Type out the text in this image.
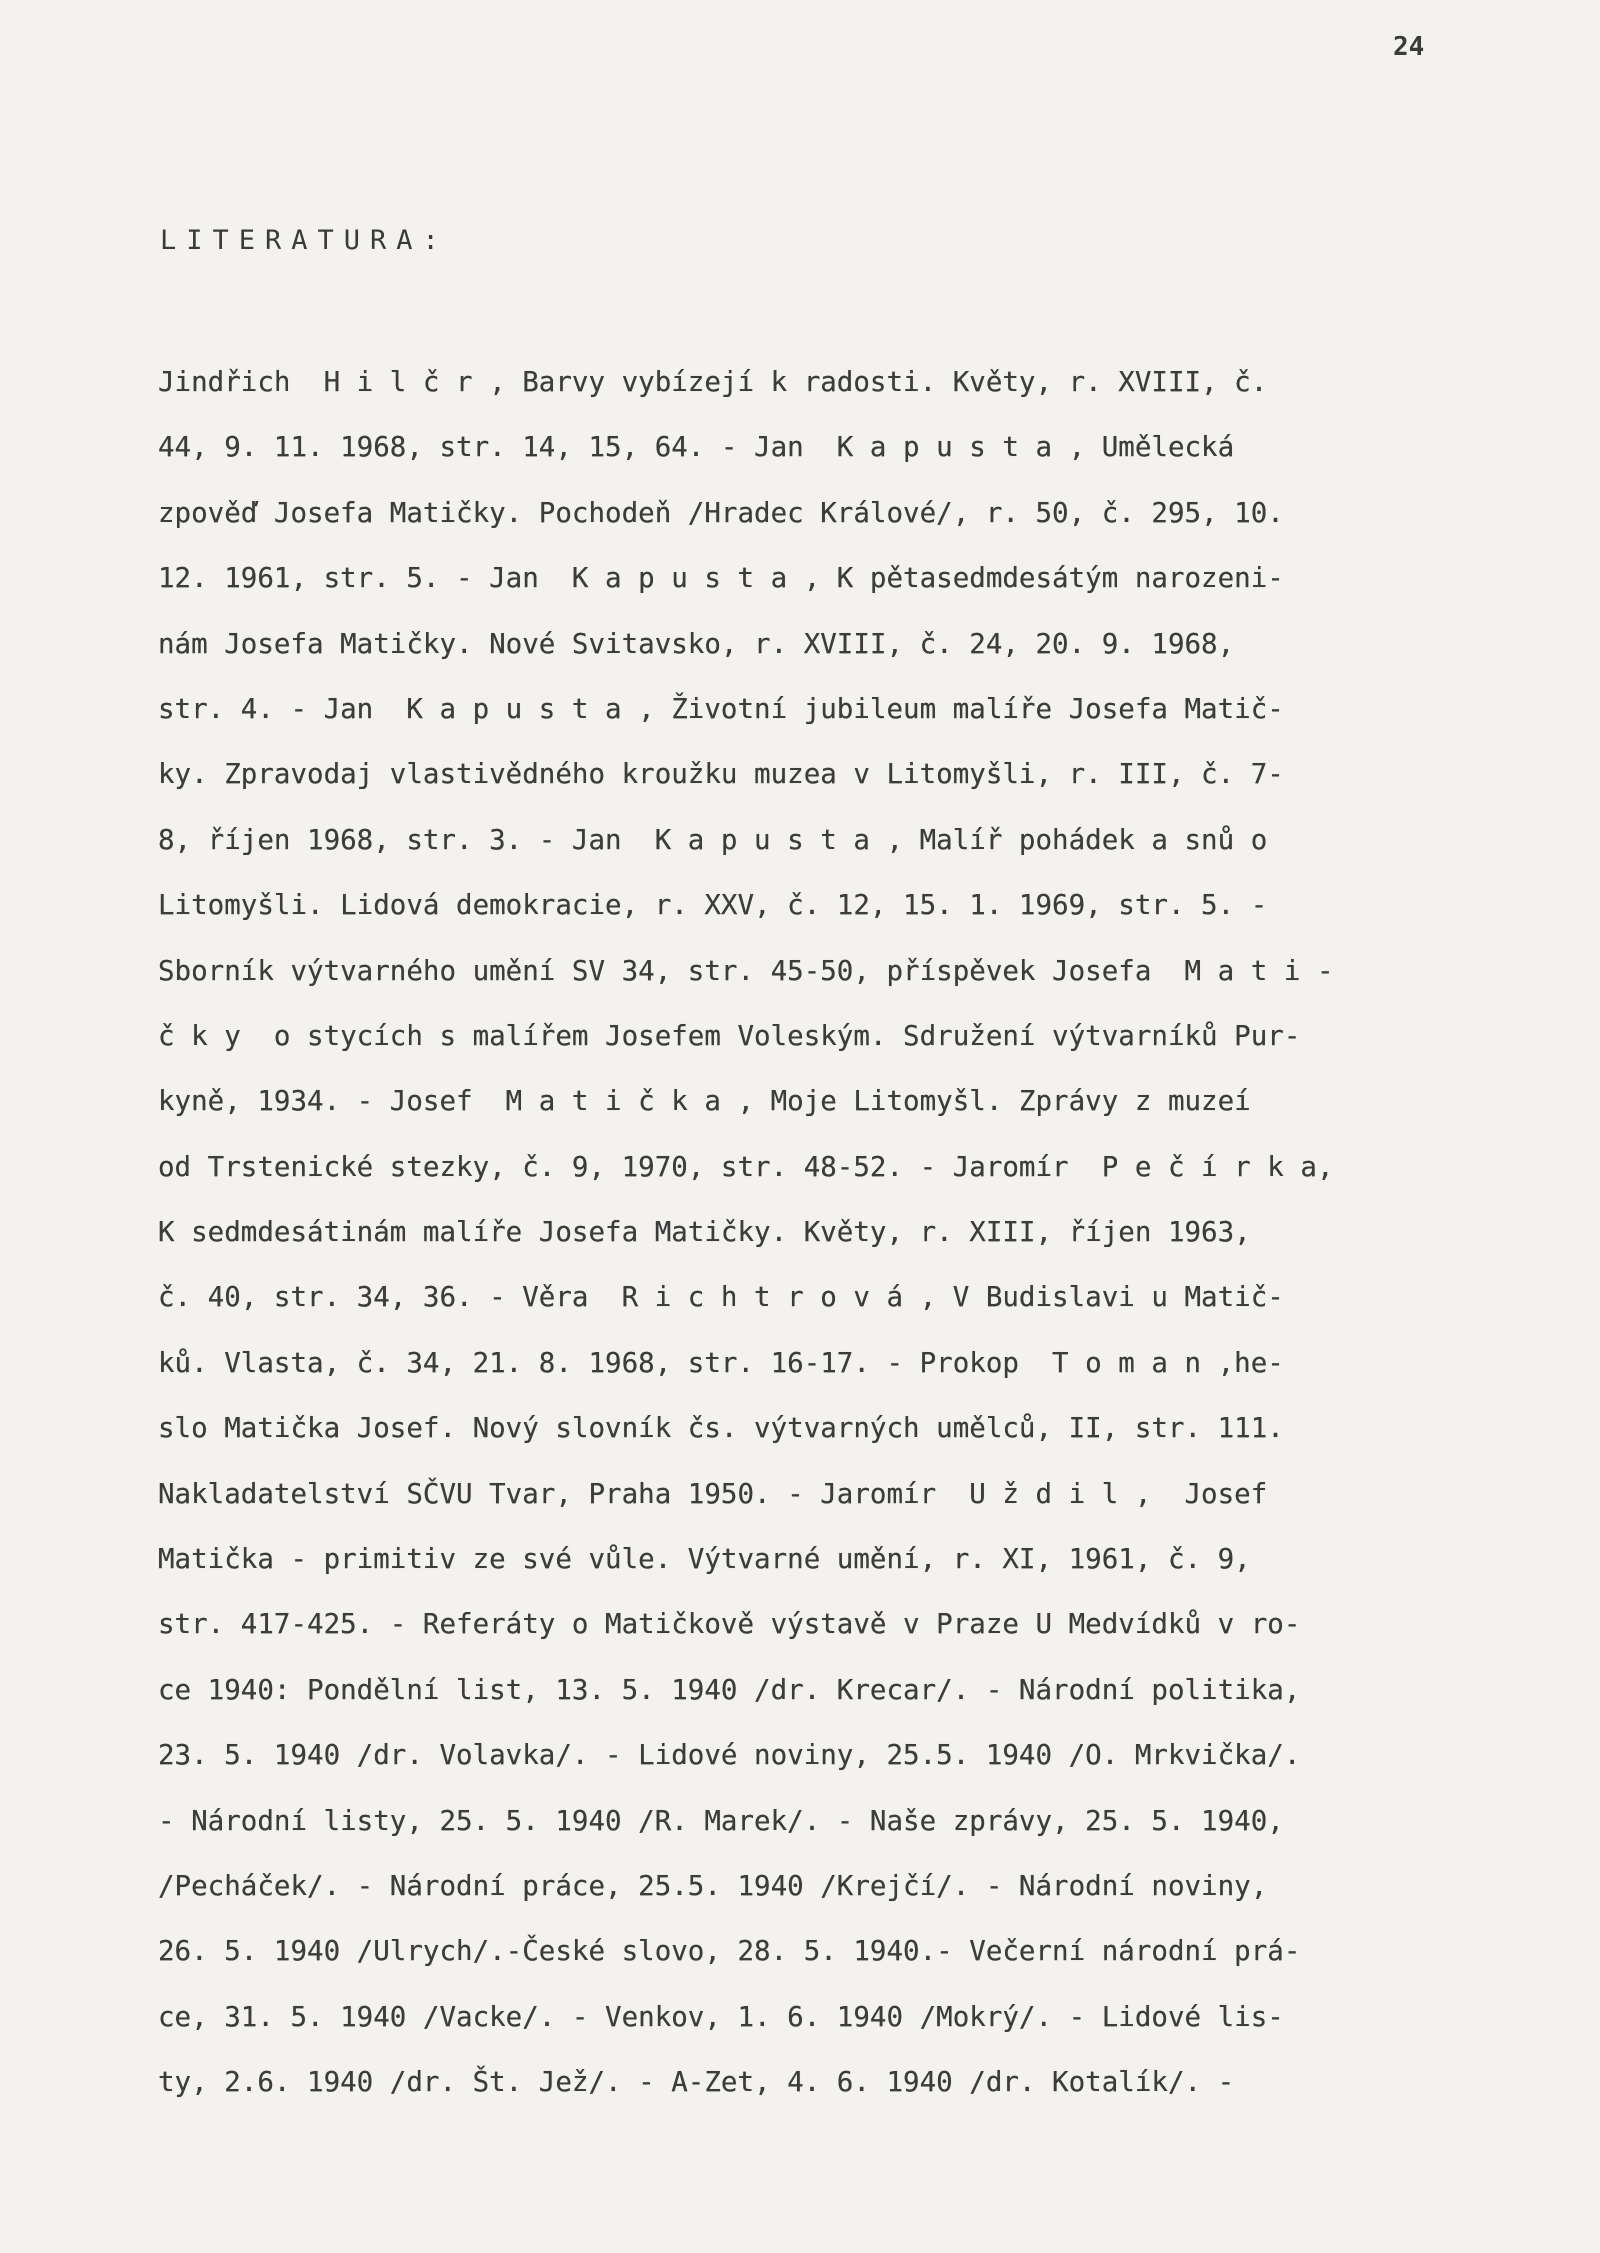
24
LITERATURA:
Jindřich  H i l č r , Barvy vybízejí k radosti. Květy, r. XVIII, č.
44, 9. 11. 1968, str. 14, 15, 64. - Jan  K a p u s t a , Umělecká
zpověď Josefa Matičky. Pochodeň /Hradec Králové/, r. 50, č. 295, 10.
12. 1961, str. 5. - Jan  K a p u s t a , K pětasedmdesátým narozeni-
nám Josefa Matičky. Nové Svitavsko, r. XVIII, č. 24, 20. 9. 1968,
str. 4. - Jan  K a p u s t a , Životní jubileum malíře Josefa Matič-
ky. Zpravodaj vlastivědného kroužku muzea v Litomyšli, r. III, č. 7-
8, říjen 1968, str. 3. - Jan  K a p u s t a , Malíř pohádek a snů o
Litomyšli. Lidová demokracie, r. XXV, č. 12, 15. 1. 1969, str. 5. -
Sborník výtvarného umění SV 34, str. 45-50, příspěvek Josefa  M a t i -
č k y  o stycích s malířem Josefem Voleským. Sdružení výtvarníků Pur-
kyně, 1934. - Josef  M a t i č k a , Moje Litomyšl. Zprávy z muzeí
od Trstenické stezky, č. 9, 1970, str. 48-52. - Jaromír  P e č í r k a,
K sedmdesátinám malíře Josefa Matičky. Květy, r. XIII, říjen 1963,
č. 40, str. 34, 36. - Věra  R i c h t r o v á , V Budislavi u Matič-
ků. Vlasta, č. 34, 21. 8. 1968, str. 16-17. - Prokop  T o m a n ,he-
slo Matička Josef. Nový slovník čs. výtvarných umělců, II, str. 111.
Nakladatelství SČVU Tvar, Praha 1950. - Jaromír  U ž d i l ,  Josef
Matička - primitiv ze své vůle. Výtvarné umění, r. XI, 1961, č. 9,
str. 417-425. - Referáty o Matičkově výstavě v Praze U Medvídků v ro-
ce 1940: Pondělní list, 13. 5. 1940 /dr. Krecar/. - Národní politika,
23. 5. 1940 /dr. Volavka/. - Lidové noviny, 25.5. 1940 /O. Mrkvička/.
- Národní listy, 25. 5. 1940 /R. Marek/. - Naše zprávy, 25. 5. 1940,
/Pecháček/. - Národní práce, 25.5. 1940 /Krejčí/. - Národní noviny,
26. 5. 1940 /Ulrych/.-České slovo, 28. 5. 1940.- Večerní národní prá-
ce, 31. 5. 1940 /Vacke/. - Venkov, 1. 6. 1940 /Mokrý/. - Lidové lis-
ty, 2.6. 1940 /dr. Št. Jež/. - A-Zet, 4. 6. 1940 /dr. Kotalík/. -
